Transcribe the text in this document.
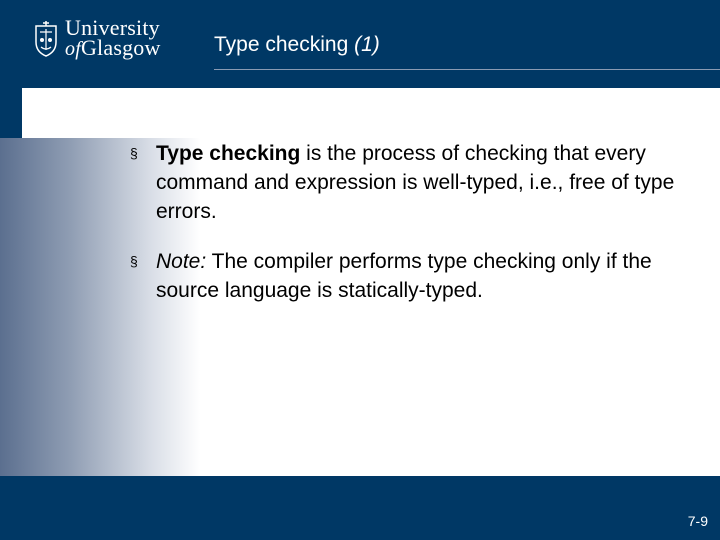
University
ofGlasgow	Type checking (1)
§ Type checking is the process of checking that every command and expression is well-typed, i.e., free of type errors.
§ Note: The compiler performs type checking only if the source language is statically-typed.
7-9
